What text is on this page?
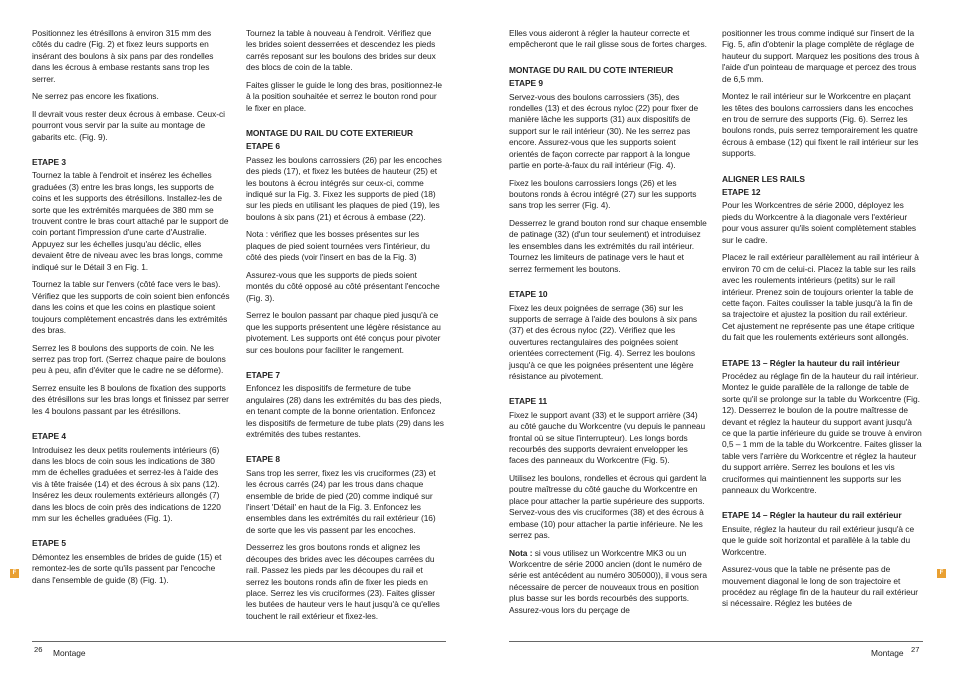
Positionnez les étrésillons à environ 315 mm des côtés du cadre (Fig. 2) et fixez leurs supports en insérant des boulons à six pans par des rondelles dans les écrous à embase restants sans trop les serrer.

Ne serrez pas encore les fixations.

Il devrait vous rester deux écrous à embase. Ceux-ci pourront vous servir par la suite au montage de gabarits etc. (Fig. 9).

ETAPE 3

Tournez la table à l'endroit et insérez les échelles graduées (3) entre les bras longs, les supports de coins et les supports des étrésillons. Installez-les de sorte que les extrémités marquées de 380 mm se trouvent contre le bras court attaché par le support de coin portant l'impression d'une carte d'Australie. Appuyez sur les échelles jusqu'au déclic, elles devaient être de niveau avec les bras longs, comme indiqué sur le Détail 3 en Fig. 1.

Tournez la table sur l'envers (côté face vers le bas). Vérifiez que les supports de coin soient bien enfoncés dans les coins et que les coins en plastique soient toujours complètement encastrés dans les extrémités des bras.

Serrez les 8 boulons des supports de coin. Ne les serrez pas trop fort. (Serrez chaque paire de boulons peu à peu, afin d'éviter que le cadre ne se déforme).

Serrez ensuite les 8 boulons de fixation des supports des étrésillons sur les bras longs et finissez par serrer les 4 boulons passant par les étrésillons.

ETAPE 4

Introduisez les deux petits roulements intérieurs (6) dans les blocs de coin sous les indications de 380 mm de échelles graduées et serrez-les à l'aide des vis à tête fraisée (14) et des écrous à six pans (12). Insérez les deux roulements extérieurs allongés (7) dans les blocs de coin près des indications de 1220 mm sur les échelles graduées (Fig. 1).

ETAPE 5

Démontez les ensembles de brides de guide (15) et remontez-les de sorte qu'ils passent par l'encoche dans l'ensemble de guide (8) (Fig. 1).

Tournez la table à nouveau à l'endroit. Vérifiez que les brides soient desserrées et descendez les pieds carrés reposant sur les boulons des brides sur deux des blocs de coin de la table.

Faites glisser le guide le long des bras, positionnez-le à la position souhaitée et serrez le bouton rond pour le fixer en place.

MONTAGE DU RAIL DU COTE EXTERIEUR
ETAPE 6

Passez les boulons carrossiers (26) par les encoches des pieds (17), et fixez les butées de hauteur (25) et les boutons à écrou intégrés sur ceux-ci, comme indiqué sur la Fig. 3. Fixez les supports de pied (18) sur les pieds en utilisant les plaques de pied (19), les boulons à six pans (21) et écrous à embase (22).

Nota : vérifiez que les bosses présentes sur les plaques de pied soient tournées vers l'intérieur, du côté des pieds (voir l'insert en bas de la Fig. 3)

Assurez-vous que les supports de pieds soient montés du côté opposé au côté présentant l'encoche (Fig. 3).

Serrez le boulon passant par chaque pied jusqu'à ce que les supports présentent une légère résistance au pivotement. Les supports ont été conçus pour pivoter sur ces boulons pour faciliter le rangement.

ETAPE 7

Enfoncez les dispositifs de fermeture de tube angulaires (28) dans les extrémités du bas des pieds, en tenant compte de la bonne orientation. Enfoncez les dispositifs de fermeture de tube plats (29) dans les extrémités des tubes restantes.

ETAPE 8

Sans trop les serrer, fixez les vis cruciformes (23) et les écrous carrés (24) par les trous dans chaque ensemble de bride de pied (20) comme indiqué sur l'insert 'Détail' en haut de la Fig. 3. Enfoncez les ensembles dans les extrémités du rail extérieur (16) de sorte que les vis passent par les encoches.

Desserrez les gros boutons ronds et alignez les découpes des brides avec les découpes carrées du rail. Passez les pieds par les découpes du rail et serrez les boutons ronds afin de fixer les pieds en place. Serrez les vis cruciformes (23). Faites glisser les butées de hauteur vers le haut jusqu'à ce qu'elles touchent le rail extérieur et fixez-les.

Elles vous aideront à régler la hauteur correcte et empêcheront que le rail glisse sous de fortes charges.

MONTAGE DU RAIL DU COTE INTERIEUR
ETAPE 9

Servez-vous des boulons carrossiers (35), des rondelles (13) et des écrous nyloc (22) pour fixer de manière lâche les supports (31) aux dispositifs de support sur le rail intérieur (30). Ne les serrez pas encore. Assurez-vous que les supports soient orientés de façon correcte par rapport à la longue partie en porte-à-faux du rail intérieur (Fig. 4).

Fixez les boulons carrossiers longs (26) et les boutons ronds à écrou intégré (27) sur les supports sans trop les serrer (Fig. 4).

Desserrez le grand bouton rond sur chaque ensemble de patinage (32) (d'un tour seulement) et introduisez les ensembles dans les extrémités du rail intérieur. Tournez les limiteurs de patinage vers le haut et serrez fermement les boutons.

ETAPE 10

Fixez les deux poignées de serrage (36) sur les supports de serrage à l'aide des boulons à six pans (37) et des écrous nyloc (22). Vérifiez que les ouvertures rectangulaires des poignées soient orientées correctement (Fig. 4). Serrez les boulons jusqu'à ce que les poignées présentent une légère résistance au pivotement.

ETAPE 11

Fixez le support avant (33) et le support arrière (34) au côté gauche du Workcentre (vu depuis le panneau frontal où se situe l'interrupteur). Les longs bords recourbés des supports devraient envelopper les faces des panneaux du Workcentre (Fig. 5).

Utilisez les boulons, rondelles et écrous qui gardent la poutre maîtresse du côté gauche du Workcentre en place pour attacher la partie supérieure des supports. Servez-vous des vis cruciformes (38) et des écrous à embase (10) pour attacher la partie inférieure. Ne les serrez pas.

Nota : si vous utilisez un Workcentre MK3 ou un Workcentre de série 2000 ancien (dont le numéro de série est antécédent au numéro 305000)), il vous sera nécessaire de percer de nouveaux trous en position plus basse sur les bords recourbés des supports. Assurez-vous lors du perçage de

positionner les trous comme indiqué sur l'insert de la Fig. 5, afin d'obtenir la plage complète de réglage de hauteur du support. Marquez les positions des trous à l'aide d'un pointeau de marquage et percez des trous de 6,5 mm.

Montez le rail intérieur sur le Workcentre en plaçant les têtes des boulons carrossiers dans les encoches en trou de serrure des supports (Fig. 6). Serrez les boulons ronds, puis serrez temporairement les quatre écrous à embase (12) qui fixent le rail intérieur sur les supports.

ALIGNER LES RAILS
ETAPE 12

Pour les Workcentres de série 2000, déployez les pieds du Workcentre à la diagonale vers l'extérieur pour vous assurer qu'ils soient complètement stables sur le cadre.

Placez le rail extérieur parallèlement au rail intérieur à environ 70 cm de celui-ci. Placez la table sur les rails avec les roulements intérieurs (petits) sur le rail intérieur. Prenez soin de toujours orienter la table de cette façon. Faites coulisser la table jusqu'à la fin de sa trajectoire et ajustez la position du rail extérieur. Cet ajustement ne représente pas une étape critique du fait que les roulements extérieurs sont allongés.

ETAPE 13 – Régler la hauteur du rail intérieur

Procédez au réglage fin de la hauteur du rail intérieur. Montez le guide parallèle de la rallonge de table de sorte qu'il se prolonge sur la table du Workcentre (Fig. 12). Desserrez le boulon de la poutre maîtresse de devant et réglez la hauteur du support avant jusqu'à ce que la partie inférieure du guide se trouve à environ 0,5 – 1 mm de la table du Workcentre. Faites glisser la table vers l'arrière du Workcentre et réglez la hauteur du support arrière. Serrez les boulons et les vis cruciformes qui maintiennent les supports sur les panneaux du Workcentre.

ETAPE 14 – Régler la hauteur du rail extérieur

Ensuite, réglez la hauteur du rail extérieur jusqu'à ce que le guide soit horizontal et parallèle à la table du Workcentre.

Assurez-vous que la table ne présente pas de mouvement diagonal le long de son trajectoire et procédez au réglage fin de la hauteur du rail extérieur si nécessaire. Réglez les butées de

F	F
26 Montage	Montage 27
